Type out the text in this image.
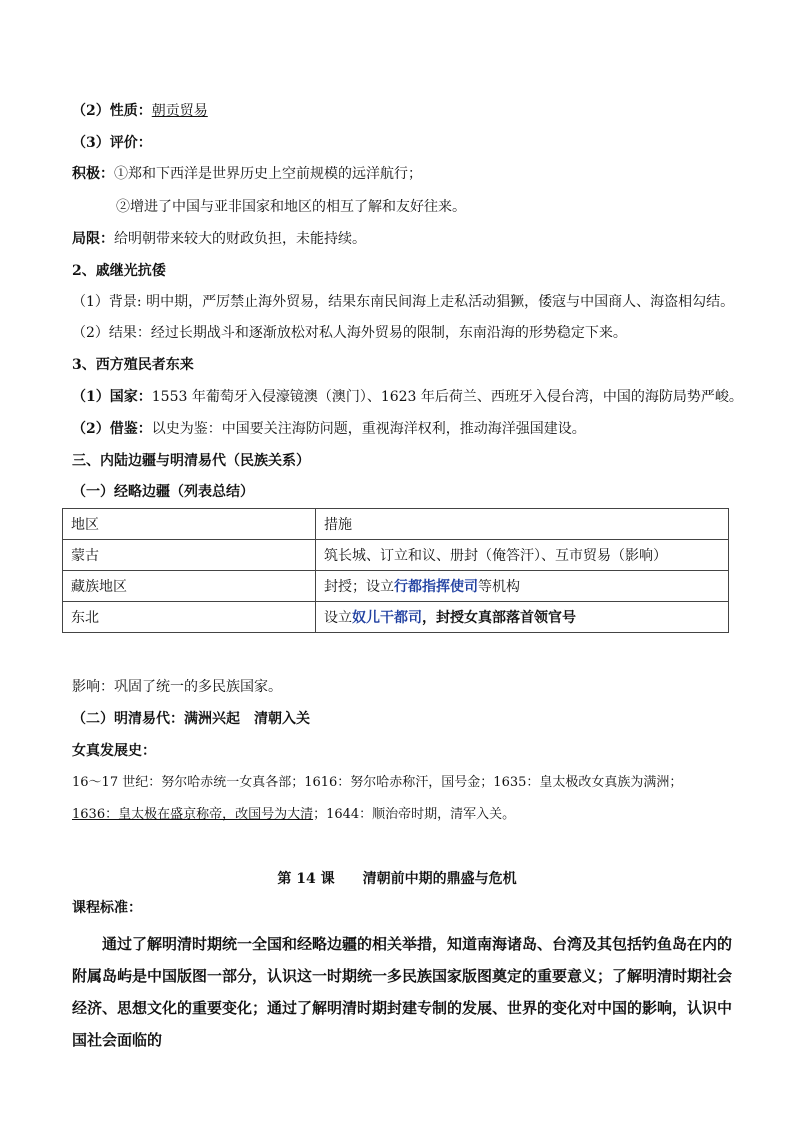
（2）性质：朝贡贸易
（3）评价：
积极：①郑和下西洋是世界历史上空前规模的远洋航行；
②增进了中国与亚非国家和地区的相互了解和友好往来。
局限：给明朝带来较大的财政负担，未能持续。
2、戚继光抗倭
（1）背景: 明中期，严厉禁止海外贸易，结果东南民间海上走私活动猖獗，倭寇与中国商人、海盗相勾结。
（2）结果：经过长期战斗和逐渐放松对私人海外贸易的限制，东南沿海的形势稳定下来。
3、西方殖民者东来
（1）国家：1553 年葡萄牙入侵濠镜澳（澳门）、1623 年后荷兰、西班牙入侵台湾，中国的海防局势严峻。
（2）借鉴：以史为鉴：中国要关注海防问题，重视海洋权利，推动海洋强国建设。
三、内陆边疆与明清易代（民族关系）
（一）经略边疆（列表总结）
地区	措施
蒙古	筑长城、订立和议、册封（俺答汗）、互市贸易（影响）
藏族地区	封授；设立行都指挥使司等机构
东北	设立奴儿干都司，封授女真部落首领官号
影响：巩固了统一的多民族国家。
（二）明清易代：满洲兴起　清朝入关
女真发展史：
16～17 世纪：努尔哈赤统一女真各部；1616：努尔哈赤称汗，国号金；1635：皇太极改女真族为满洲；
1636：皇太极在盛京称帝，改国号为大清；1644：顺治帝时期，清军入关。
第 14 课　　清朝前中期的鼎盛与危机
课程标准：
通过了解明清时期统一全国和经略边疆的相关举措，知道南海诸岛、台湾及其包括钓鱼岛在内的附属岛屿是中国版图一部分，认识这一时期统一多民族国家版图奠定的重要意义；了解明清时期社会经济、思想文化的重要变化；通过了解明清时期封建专制的发展、世界的变化对中国的影响，认识中国社会面临的
